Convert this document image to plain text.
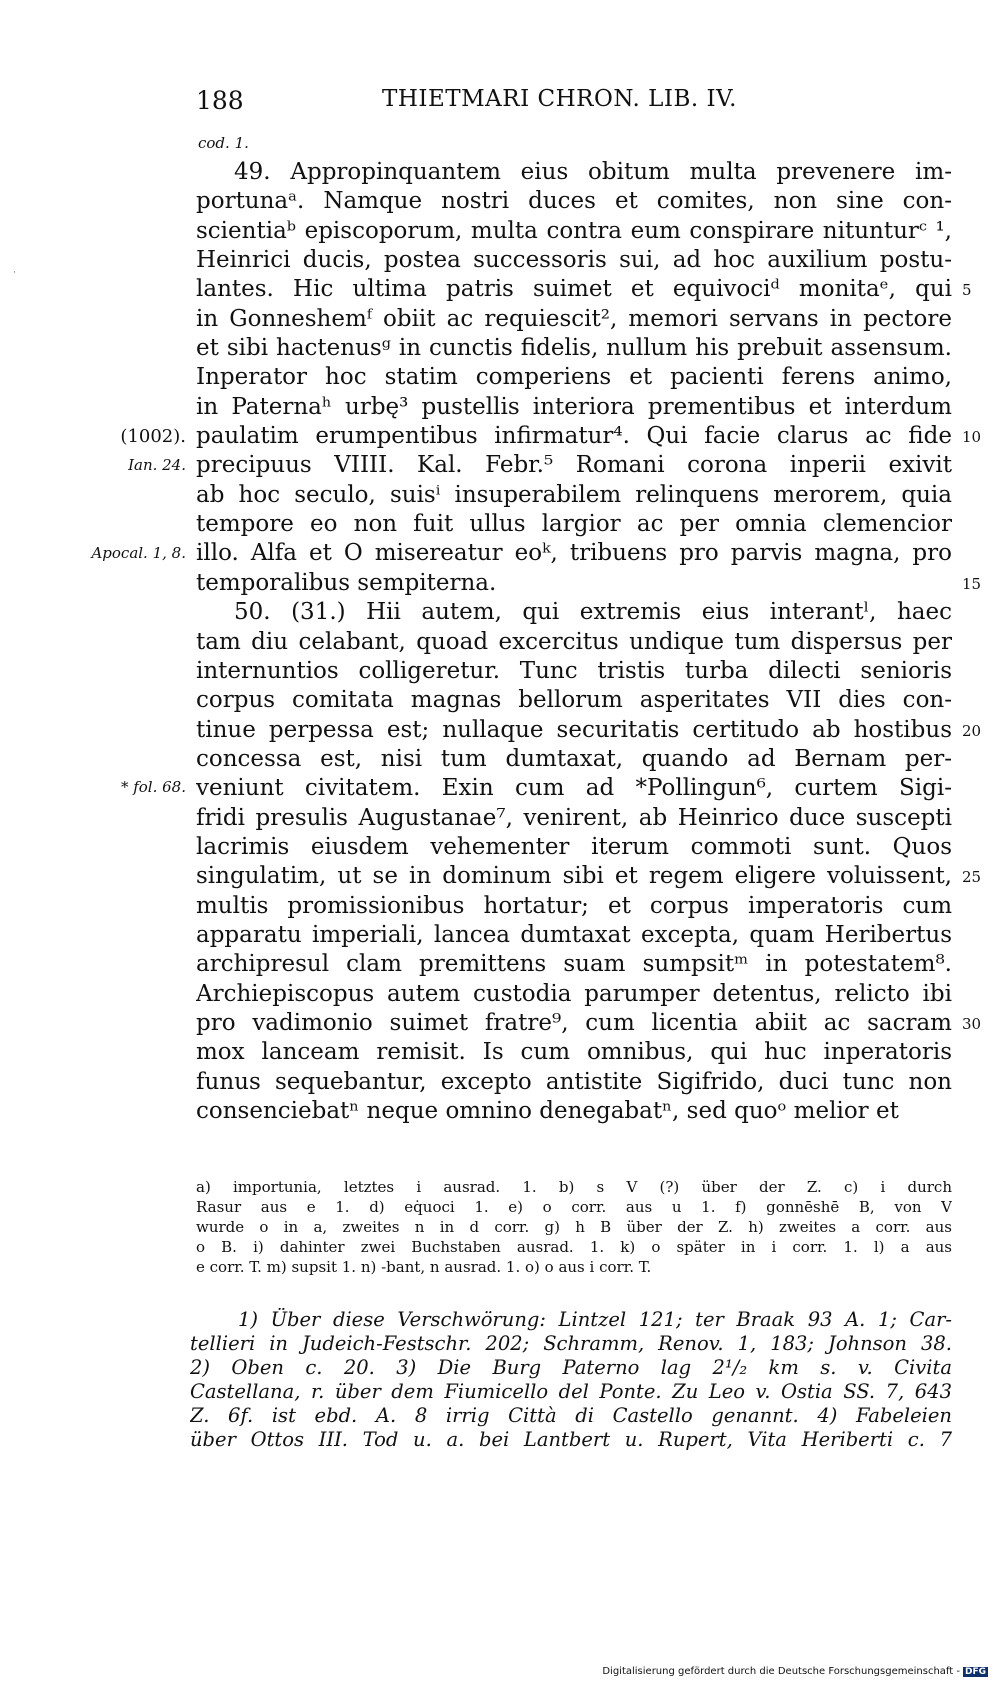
·
188	THIETMARI CHRON. LIB. IV.
cod. 1.
49. Appropinquantem eius obitum multa prevenere im-
portunaᵃ. Namque nostri duces et comites, non sine con-
scientiaᵇ episcoporum, multa contra eum conspirare nitunturᶜ ¹,
Heinrici ducis, postea successoris sui, ad hoc auxilium postu-
lantes. Hic ultima patris suimet et equivociᵈ monitaᵉ, qui
in Gonneshemᶠ obiit ac requiescit², memori servans in pectore
et sibi hactenusᵍ in cunctis fidelis, nullum his prebuit assensum.
Inperator hoc statim comperiens et pacienti ferens animo,
in Paternaʰ urbę³ pustellis interiora prementibus et interdum
paulatim erumpentibus infirmatur⁴. Qui facie clarus ac fide
precipuus VIIII. Kal. Febr.⁵ Romani corona inperii exivit
ab hoc seculo, suisⁱ insuperabilem relinquens merorem, quia
tempore eo non fuit ullus largior ac per omnia clemencior
illo. Alfa et O misereatur eoᵏ, tribuens pro parvis magna, pro
temporalibus sempiterna.
50. (31.) Hii autem, qui extremis eius interantˡ, haec
tam diu celabant, quoad excercitus undique tum dispersus per
internuntios colligeretur. Tunc tristis turba dilecti senioris
corpus comitata magnas bellorum asperitates VII dies con-
tinue perpessa est; nullaque securitatis certitudo ab hostibus
concessa est, nisi tum dumtaxat, quando ad Bernam per-
veniunt civitatem. Exin cum ad *Pollingun⁶, curtem Sigi-
fridi presulis Augustanae⁷, venirent, ab Heinrico duce suscepti
lacrimis eiusdem vehementer iterum commoti sunt. Quos
singulatim, ut se in dominum sibi et regem eligere voluissent,
multis promissionibus hortatur; et corpus imperatoris cum
apparatu imperiali, lancea dumtaxat excepta, quam Heribertus
archipresul clam premittens suam sumpsitᵐ in potestatem⁸.
Archiepiscopus autem custodia parumper detentus, relicto ibi
pro vadimonio suimet fratre⁹, cum licentia abiit ac sacram
mox lanceam remisit. Is cum omnibus, qui huc inperatoris
funus sequebantur, excepto antistite Sigifrido, duci tunc non
consenciebatⁿ neque omnino denegabatⁿ, sed quoᵒ melior et
(1002).
Ian. 24.
Apocal. 1, 8.
* fol. 68.
5
10
15
20
25
30
a) importunia, letztes i ausrad. 1. b) s V (?) über der Z. c) i durch
Rasur aus e 1. d) eq̇uoci 1. e) o corr. aus u 1. f) gonnēshē B, von V
wurde o in a, zweites n in d corr. g) h B über der Z. h) zweites a corr. aus
o B. i) dahinter zwei Buchstaben ausrad. 1. k) o später in i corr. 1. l) a aus
e corr. T. m) supsit 1. n) -bant, n ausrad. 1. o) o aus i corr. T.
1) Über diese Verschwörung: Lintzel 121; ter Braak 93 A. 1; Car-
tellieri in Judeich-Festschr. 202; Schramm, Renov. 1, 183; Johnson 38.
2) Oben c. 20. 3) Die Burg Paterno lag 2¹/₂ km s. v. Civita
Castellana, r. über dem Fiumicello del Ponte. Zu Leo v. Ostia SS. 7, 643
Z. 6f. ist ebd. A. 8 irrig Città di Castello genannt. 4) Fabeleien
über Ottos III. Tod u. a. bei Lantbert u. Rupert, Vita Heriberti c. 7
Digitalisierung gefördert durch die Deutsche Forschungsgemeinschaft - DFG
